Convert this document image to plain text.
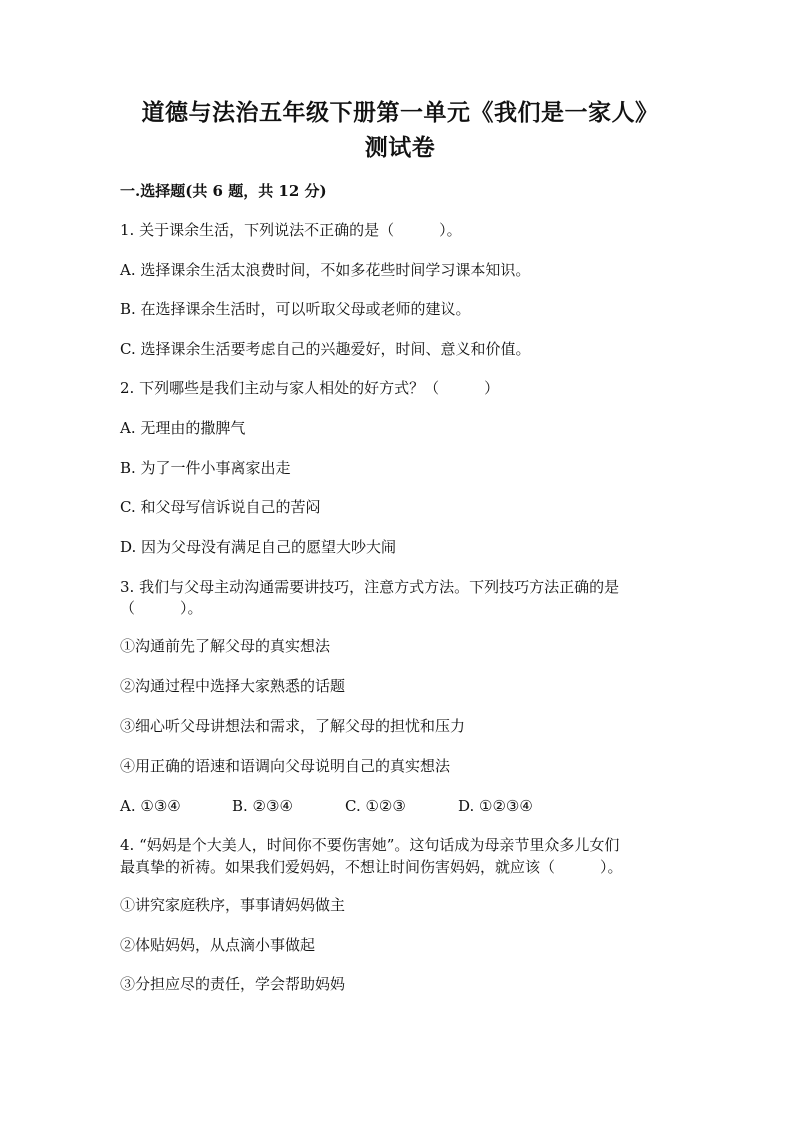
道德与法治五年级下册第一单元《我们是一家人》
测试卷
一.选择题(共 6 题，共 12 分)
1. 关于课余生活，下列说法不正确的是（　　　）。
A. 选择课余生活太浪费时间，不如多花些时间学习课本知识。
B. 在选择课余生活时，可以听取父母或老师的建议。
C. 选择课余生活要考虑自己的兴趣爱好，时间、意义和价值。
2. 下列哪些是我们主动与家人相处的好方式？（　　　）
A. 无理由的撒脾气
B. 为了一件小事离家出走
C. 和父母写信诉说自己的苦闷
D. 因为父母没有满足自己的愿望大吵大闹
3. 我们与父母主动沟通需要讲技巧，注意方式方法。下列技巧方法正确的是
（　　　）。
①沟通前先了解父母的真实想法
②沟通过程中选择大家熟悉的话题
③细心听父母讲想法和需求，了解父母的担忧和压力
④用正确的语速和语调向父母说明自己的真实想法
A. ①③④	B. ②③④	C. ①②③	D. ①②③④
4. “妈妈是个大美人，时间你不要伤害她”。这句话成为母亲节里众多儿女们
最真挚的祈祷。如果我们爱妈妈，不想让时间伤害妈妈，就应该（　　　）。
①讲究家庭秩序，事事请妈妈做主
②体贴妈妈，从点滴小事做起
③分担应尽的责任，学会帮助妈妈
